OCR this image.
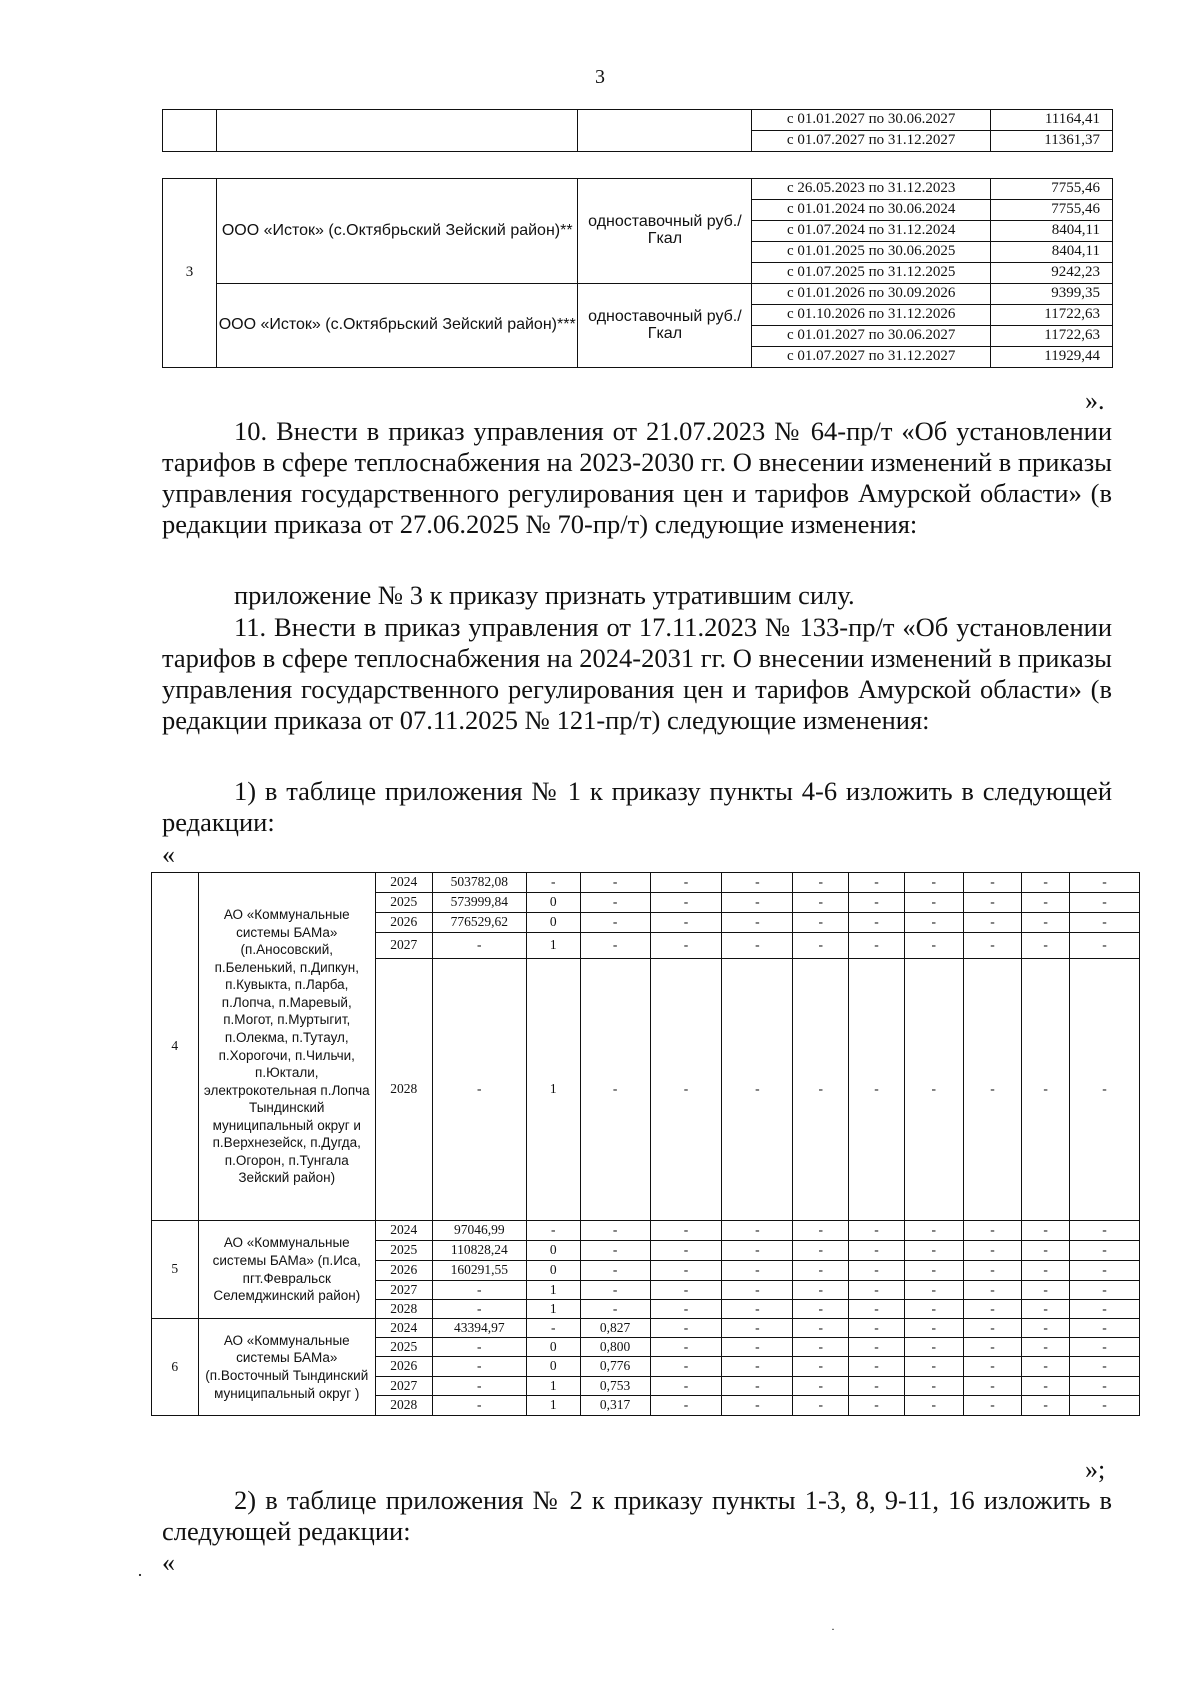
3
			с 01.01.2027 по 30.06.2027	11164,41
			с 01.07.2027 по 31.12.2027	11361,37
3	ООО «Исток» (с.Октябрьский Зейский район)**	одноставочный руб./Гкал	с 26.05.2023 по 31.12.2023	7755,46
			с 01.01.2024 по 30.06.2024	7755,46
			с 01.07.2024 по 31.12.2024	8404,11
			с 01.01.2025 по 30.06.2025	8404,11
			с 01.07.2025 по 31.12.2025	9242,23
	ООО «Исток» (с.Октябрьский Зейский район)***	одноставочный руб./Гкал	с 01.01.2026 по 30.09.2026	9399,35
			с 01.10.2026 по 31.12.2026	11722,63
			с 01.01.2027 по 30.06.2027	11722,63
			с 01.07.2027 по 31.12.2027	11929,44
».
10. Внести в приказ управления от 21.07.2023 № 64-пр/т «Об установлении тарифов в сфере теплоснабжения на 2023-2030 гг. О внесении изменений в приказы управления государственного регулирования цен и тарифов Амурской области» (в редакции приказа от 27.06.2025 № 70-пр/т) следующие изменения:
приложение № 3 к приказу признать утратившим силу.
11. Внести в приказ управления от 17.11.2023 № 133-пр/т «Об установлении тарифов в сфере теплоснабжения на 2024-2031 гг. О внесении изменений в приказы управления государственного регулирования цен и тарифов Амурской области» (в редакции приказа от 07.11.2025 № 121-пр/т) следующие изменения:
1) в таблице приложения № 1 к приказу пункты 4-6 изложить в следующей редакции:
«
4	АО «Коммунальные системы БАМа» (п.Аносовский, п.Беленький, п.Дипкун, п.Кувыкта, п.Ларба, п.Лопча, п.Маревый, п.Могот, п.Муртыгит, п.Олекма, п.Тутаул, п.Хорогочи, п.Чильчи, п.Юктали, электрокотельная п.Лопча Тындинский муниципальный округ и п.Верхнезейск, п.Дугда, п.Огорон, п.Тунгала Зейский район)	2024	503782,08	-	-	-	-	-	-	-	-	-	-
		2025	573999,84	0	-	-	-	-	-	-	-	-	-
		2026	776529,62	0	-	-	-	-	-	-	-	-	-
		2027	-	1	-	-	-	-	-	-	-	-	-
		2028	-	1	-	-	-	-	-	-	-	-	-
5	АО «Коммунальные системы БАМа» (п.Иса, пгт.Февральск Селемджинский район)	2024	97046,99	-	-	-	-	-	-	-	-	-	-
		2025	110828,24	0	-	-	-	-	-	-	-	-	-
		2026	160291,55	0	-	-	-	-	-	-	-	-	-
		2027	-	1	-	-	-	-	-	-	-	-	-
		2028	-	1	-	-	-	-	-	-	-	-	-
6	АО «Коммунальные системы БАМа» (п.Восточный Тындинский муниципальный округ )	2024	43394,97	-	0,827	-	-	-	-	-	-	-	-
		2025	-	0	0,800	-	-	-	-	-	-	-	-
		2026	-	0	0,776	-	-	-	-	-	-	-	-
		2027	-	1	0,753	-	-	-	-	-	-	-	-
		2028	-	1	0,317	-	-	-	-	-	-	-	-
»;
2) в таблице приложения № 2 к приказу пункты 1-3, 8, 9-11, 16 изложить в следующей редакции:
«
·
·
